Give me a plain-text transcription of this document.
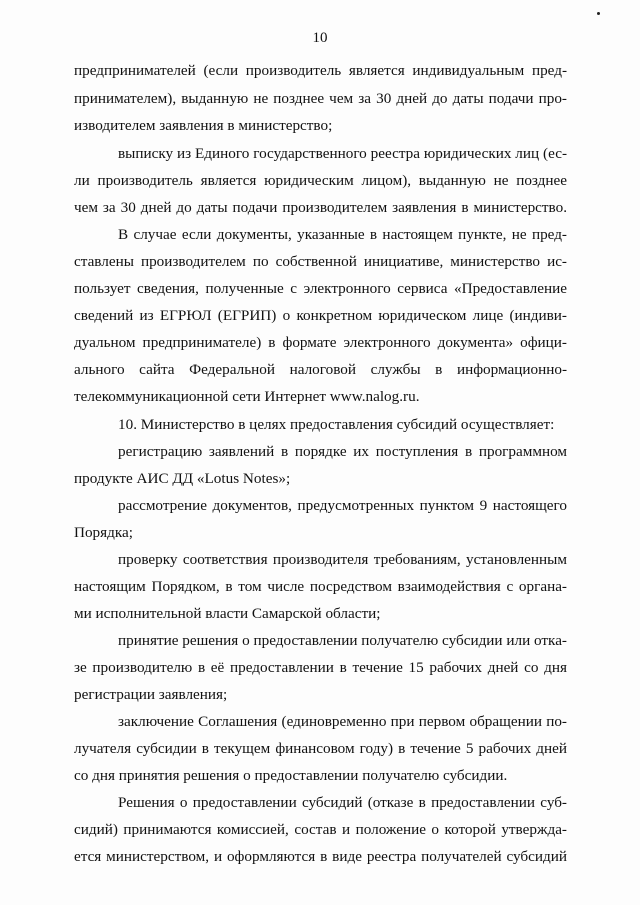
10
предпринимателей (если производитель является индивидуальным пред-
принимателем), выданную не позднее чем за 30 дней до даты подачи про-
изводителем заявления в министерство;
выписку из Единого государственного реестра юридических лиц (ес-
ли производитель является юридическим лицом), выданную не позднее
чем за 30 дней до даты подачи производителем заявления в министерство.
В случае если документы, указанные в настоящем пункте, не пред-
ставлены производителем по собственной инициативе, министерство ис-
пользует сведения, полученные с электронного сервиса «Предоставление
сведений из ЕГРЮЛ (ЕГРИП) о конкретном юридическом лице (индиви-
дуальном предпринимателе) в формате электронного документа» офици-
ального сайта Федеральной налоговой службы в информационно-
телекоммуникационной сети Интернет www.nalog.ru.
10. Министерство в целях предоставления субсидий осуществляет:
регистрацию заявлений в порядке их поступления в программном
продукте АИС ДД «Lotus Notes»;
рассмотрение документов, предусмотренных пунктом 9 настоящего
Порядка;
проверку соответствия производителя требованиям, установленным
настоящим Порядком, в том числе посредством взаимодействия с органа-
ми исполнительной власти Самарской области;
принятие решения о предоставлении получателю субсидии или отка-
зе производителю в её предоставлении в течение 15 рабочих дней со дня
регистрации заявления;
заключение Соглашения (единовременно при первом обращении по-
лучателя субсидии в текущем финансовом году) в течение 5 рабочих дней
со дня принятия решения о предоставлении получателю субсидии.
Решения о предоставлении субсидий (отказе в предоставлении суб-
сидий) принимаются комиссией, состав и положение о которой утвержда-
ется министерством, и оформляются в виде реестра получателей субсидий
